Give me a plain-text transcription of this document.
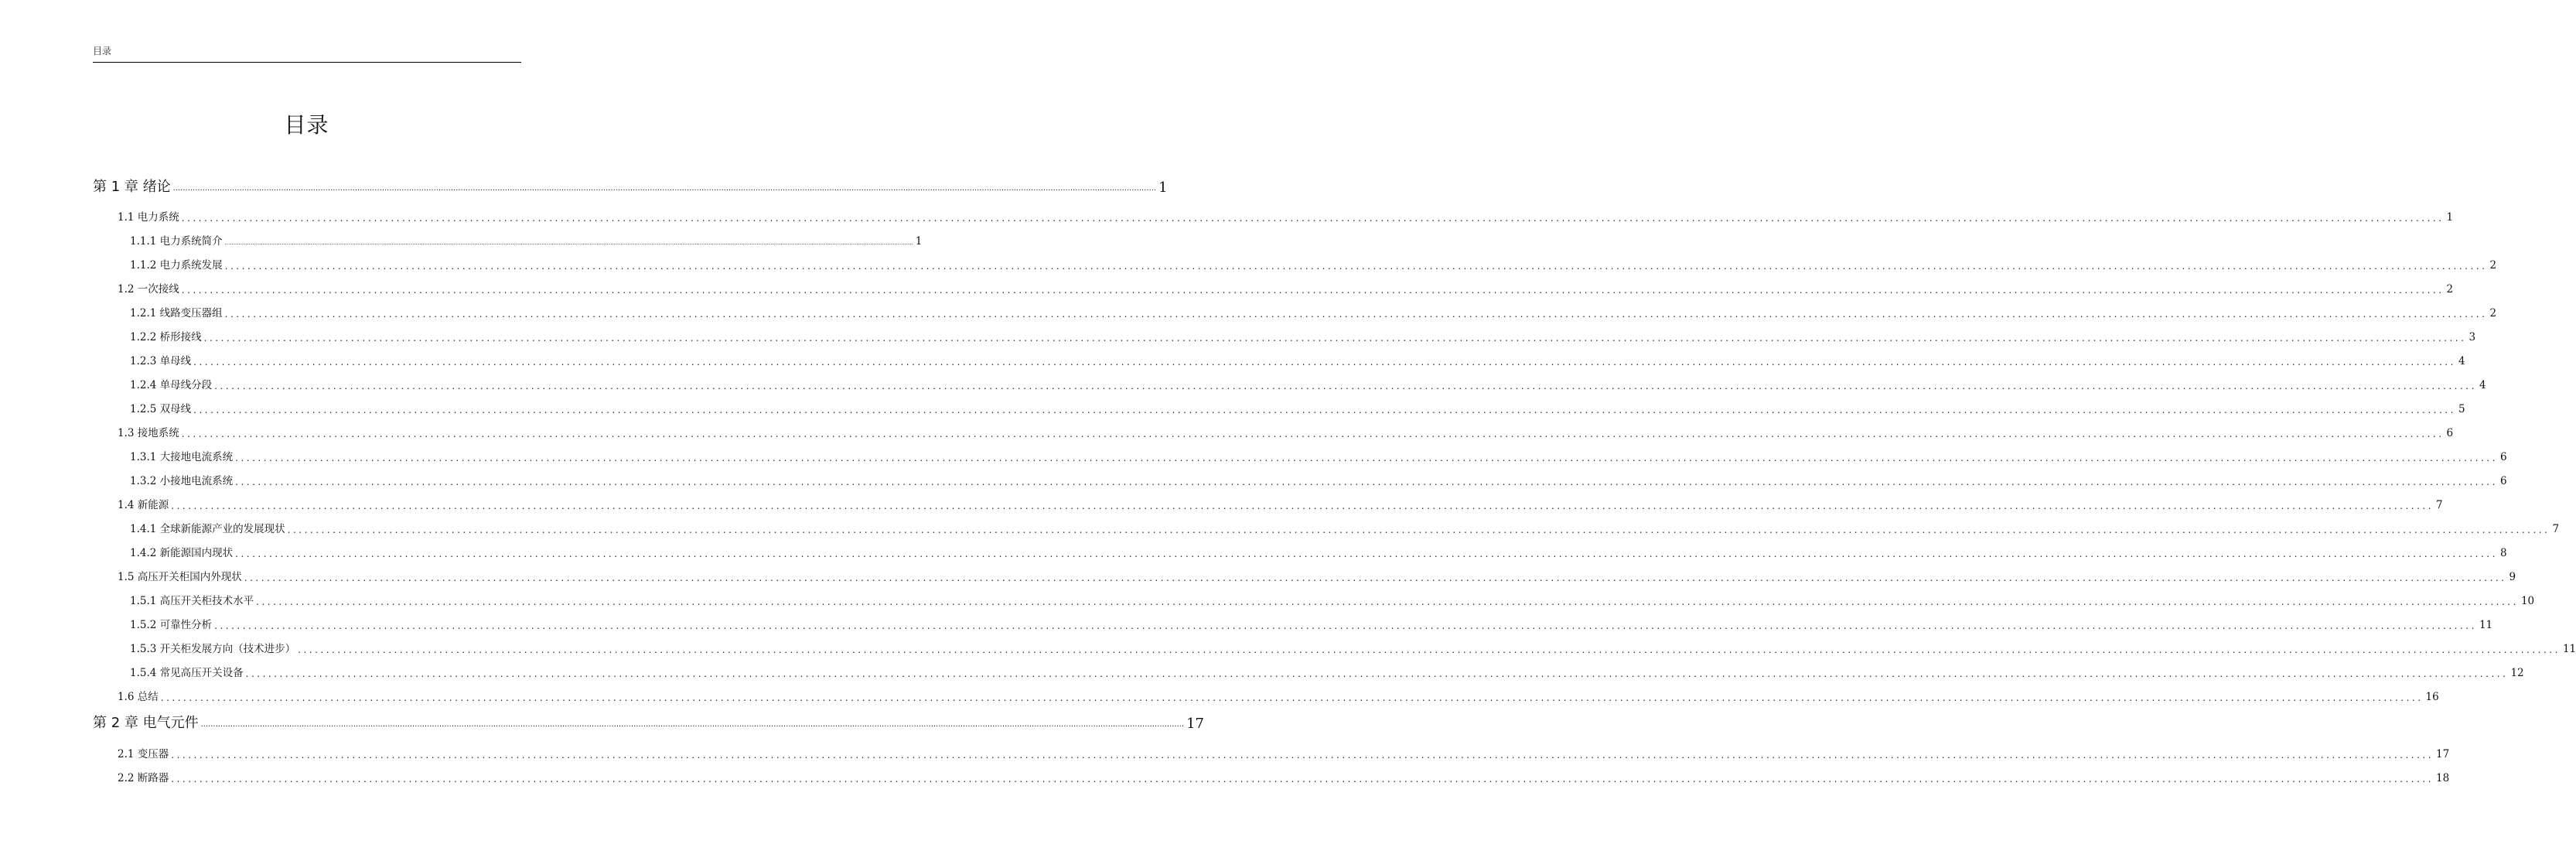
目录
目录
第 1 章 绪论 ................................................................................................................................................................................................................................................................................................................................................................................................................ 1
1.1 电力系统 ................................................................................................................................................................................................................................................................................................................................................................................................................ 1
1.1.1 电力系统简介 ................................................................................................................................................................................................................................................................................................................................................................................................................ 1
1.1.2 电力系统发展 ................................................................................................................................................................................................................................................................................................................................................................................................................ 2
1.2 一次接线 ................................................................................................................................................................................................................................................................................................................................................................................................................ 2
1.2.1 线路变压器组 ................................................................................................................................................................................................................................................................................................................................................................................................................ 2
1.2.2 桥形接线 ................................................................................................................................................................................................................................................................................................................................................................................................................ 3
1.2.3 单母线 ................................................................................................................................................................................................................................................................................................................................................................................................................ 4
1.2.4 单母线分段 ................................................................................................................................................................................................................................................................................................................................................................................................................ 4
1.2.5 双母线 ................................................................................................................................................................................................................................................................................................................................................................................................................ 5
1.3 接地系统 ................................................................................................................................................................................................................................................................................................................................................................................................................ 6
1.3.1 大接地电流系统 ................................................................................................................................................................................................................................................................................................................................................................................................................ 6
1.3.2 小接地电流系统 ................................................................................................................................................................................................................................................................................................................................................................................................................ 6
1.4 新能源 ................................................................................................................................................................................................................................................................................................................................................................................................................ 7
1.4.1 全球新能源产业的发展现状 ................................................................................................................................................................................................................................................................................................................................................................................................................ 7
1.4.2 新能源国内现状 ................................................................................................................................................................................................................................................................................................................................................................................................................ 8
1.5 高压开关柜国内外现状 ................................................................................................................................................................................................................................................................................................................................................................................................................ 9
1.5.1 高压开关柜技术水平 ................................................................................................................................................................................................................................................................................................................................................................................................................ 10
1.5.2 可靠性分析 ................................................................................................................................................................................................................................................................................................................................................................................................................ 11
1.5.3 开关柜发展方向（技术进步） ................................................................................................................................................................................................................................................................................................................................................................................................................ 11
1.5.4 常见高压开关设备 ................................................................................................................................................................................................................................................................................................................................................................................................................ 12
1.6 总结 ................................................................................................................................................................................................................................................................................................................................................................................................................ 16
第 2 章 电气元件 ................................................................................................................................................................................................................................................................................................................................................................................................................ 17
2.1 变压器 ................................................................................................................................................................................................................................................................................................................................................................................................................ 17
2.2 断路器 ................................................................................................................................................................................................................................................................................................................................................................................................................ 18
